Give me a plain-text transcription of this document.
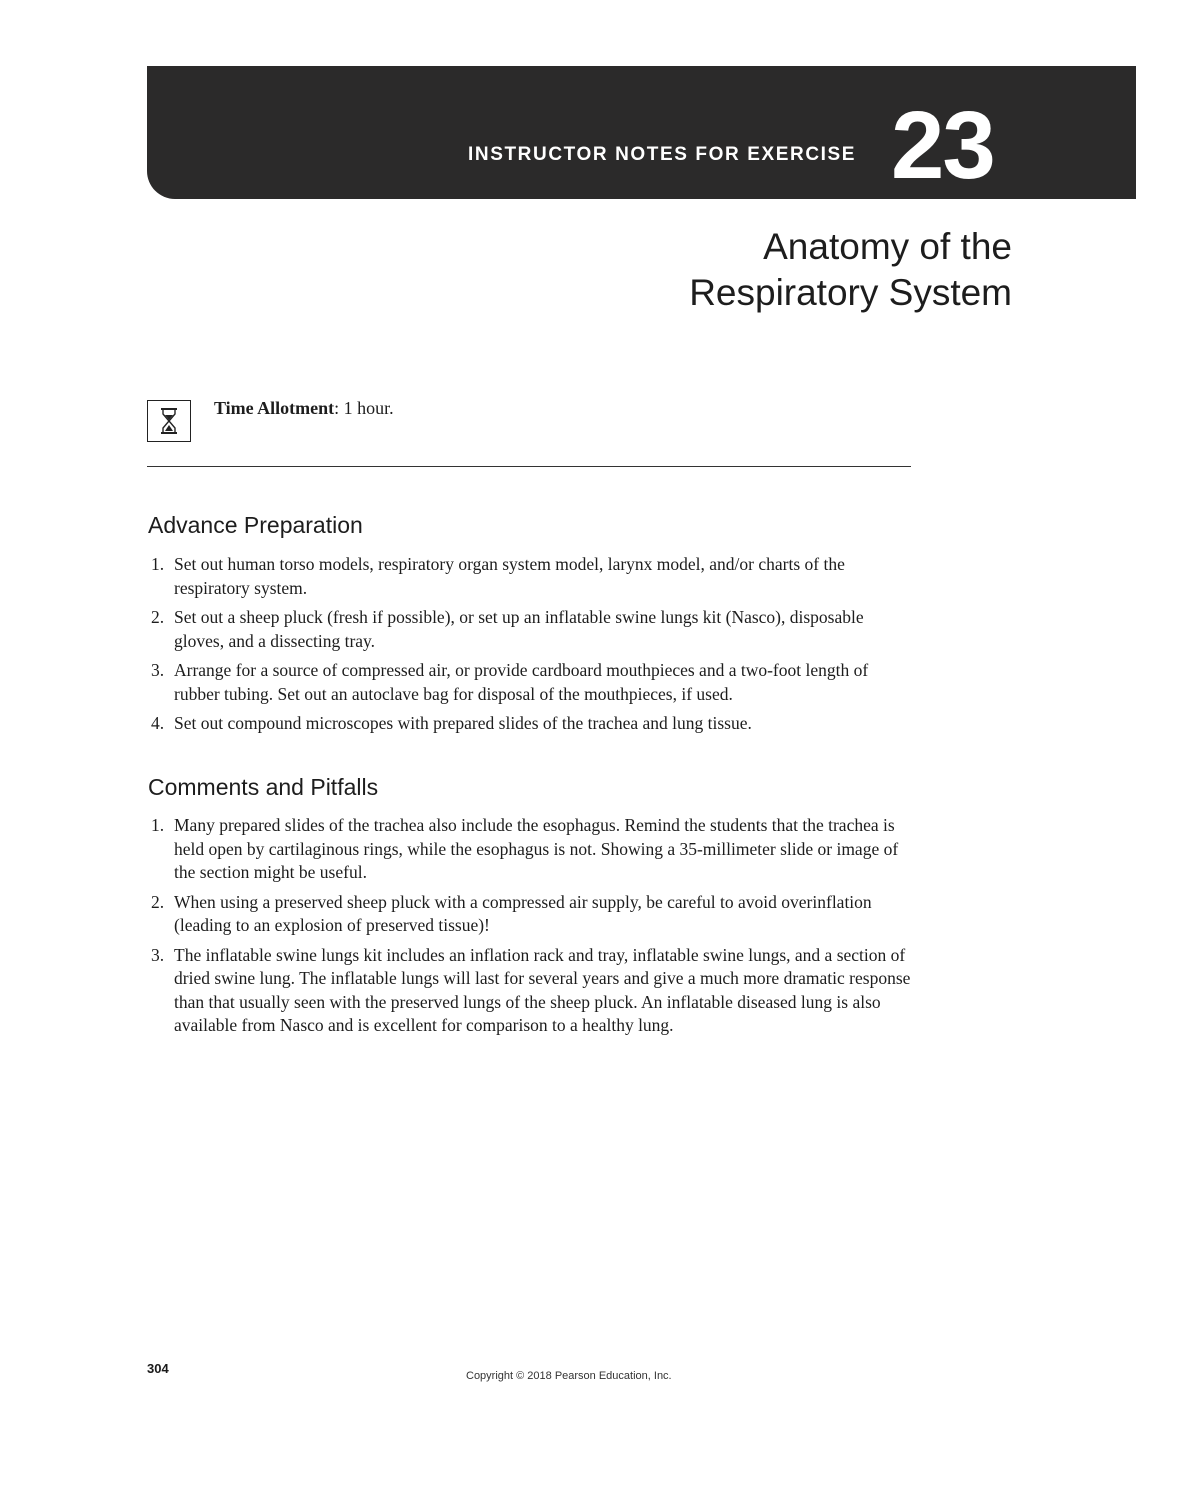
INSTRUCTOR NOTES FOR EXERCISE 23
Anatomy of the
Respiratory System
Time Allotment: 1 hour.
Advance Preparation
1. Set out human torso models, respiratory organ system model, larynx model, and/or charts of the respiratory system.
2. Set out a sheep pluck (fresh if possible), or set up an inflatable swine lungs kit (Nasco), disposable gloves, and a dissecting tray.
3. Arrange for a source of compressed air, or provide cardboard mouthpieces and a two-foot length of rubber tubing. Set out an autoclave bag for disposal of the mouthpieces, if used.
4. Set out compound microscopes with prepared slides of the trachea and lung tissue.
Comments and Pitfalls
1. Many prepared slides of the trachea also include the esophagus. Remind the students that the trachea is held open by cartilaginous rings, while the esophagus is not. Showing a 35-millimeter slide or image of the section might be useful.
2. When using a preserved sheep pluck with a compressed air supply, be careful to avoid overinflation (leading to an explosion of preserved tissue)!
3. The inflatable swine lungs kit includes an inflation rack and tray, inflatable swine lungs, and a section of dried swine lung. The inflatable lungs will last for several years and give a much more dramatic response than that usually seen with the preserved lungs of the sheep pluck. An inflatable diseased lung is also available from Nasco and is excellent for comparison to a healthy lung.
304	Copyright © 2018 Pearson Education, Inc.
